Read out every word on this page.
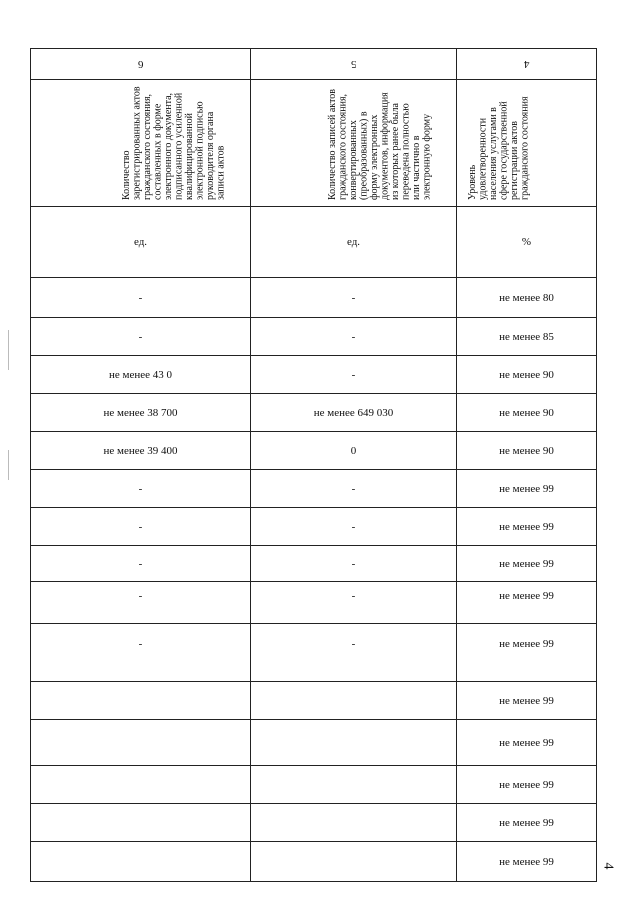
6	5	4

Количество зарегистрированных актов гражданского состояния, составленных в форме электронного документа, подписанного усиленной квалифицированной электронной подписью руководителя органа записи актов	Количество записей актов гражданского состояния, конвертированных (преобразованных) в форму электронных документов, информация из которых ранее была переведена полностью или частично в электронную форму	Уровень удовлетворенности населения услугами в сфере государственной регистрации актов гражданского состояния

ед.	ед.	%
-	-	не менее 80
-	-	не менее 85
не менее 43 0	-	не менее 90
не менее 38 700	не менее 649 030	не менее 90
не менее 39 400	0	не менее 90
-	-	не менее 99
-	-	не менее 99
-	-	не менее 99
-	-	не менее 99
-	-	не менее 99
		не менее 99
		не менее 99
		не менее 99
		не менее 99
		не менее 99	4
